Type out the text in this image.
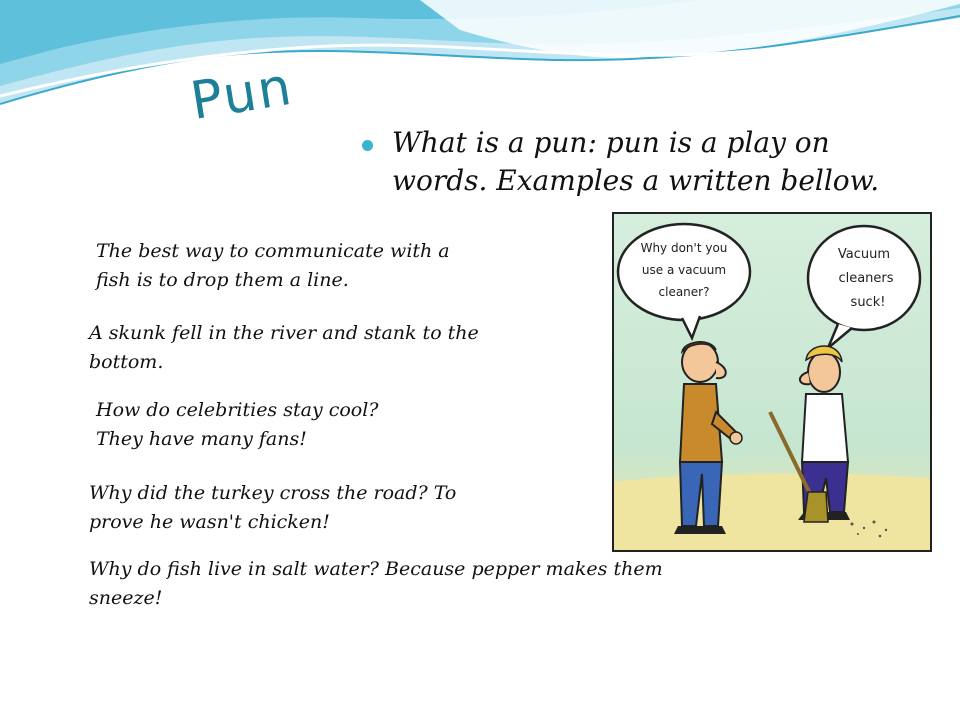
Pun
What is a pun: pun is a play on words. Examples a written bellow.
The best way to communicate with a
fish is to drop them a line.
A skunk fell in the river and stank to the
bottom.
How do celebrities stay cool?
They have many fans!
Why did the turkey cross the road? To
prove he wasn't chicken!
Why do fish live in salt water? Because pepper makes them
sneeze!
Why don't you
use a vacuum
cleaner?
Vacuum
cleaners
suck!
